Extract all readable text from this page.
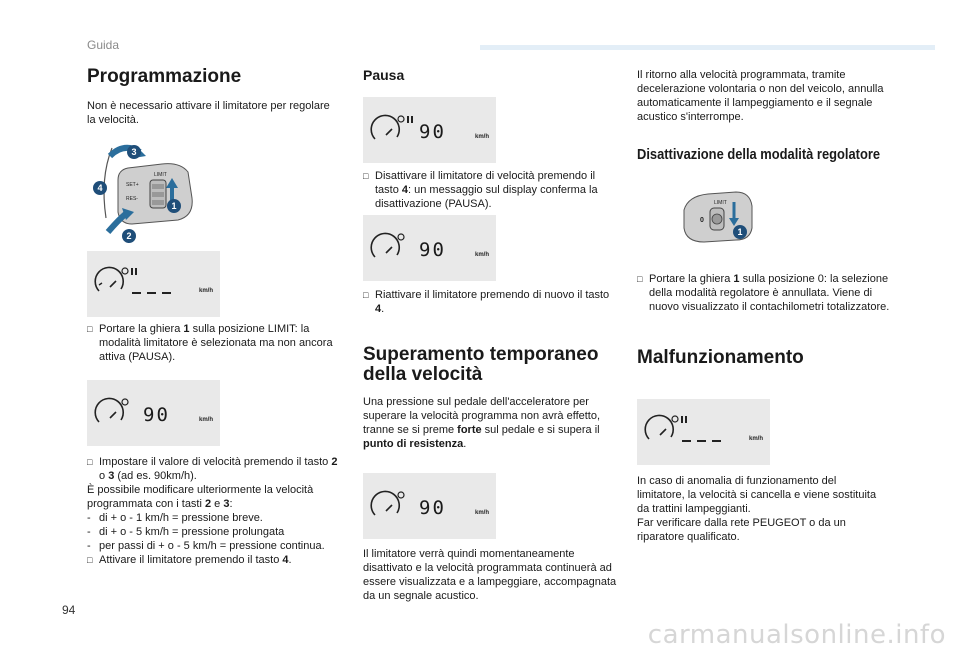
Guida
Programmazione

Non è necessario attivare il limitatore per regolare la velocità.

SET+
RES-
LIMIT
3
4
2
1
km/h
□ Portare la ghiera 1 sulla posizione LIMIT: la modalità limitatore è selezionata ma non ancora attiva (PAUSA).
90	km/h
□ Impostare il valore di velocità premendo il tasto 2 o 3 (ad es. 90km/h).

È possibile modificare ulteriormente la velocità programmata con i tasti 2 e 3:

- di + o - 1 km/h = pressione breve.
- di + o - 5 km/h = pressione prolungata
- per passi di + o - 5 km/h = pressione continua.
□ Attivare il limitatore premendo il tasto 4.
Pausa
90	km/h
□ Disattivare il limitatore di velocità premendo il tasto 4: un messaggio sul display conferma la disattivazione (PAUSA).
90	km/h
□ Riattivare il limitatore premendo di nuovo il tasto 4.
Superamento temporaneo
della velocità

Una pressione sul pedale dell'acceleratore per superare la velocità programma non avrà effetto, tranne se si preme forte sul pedale e si supera il punto di resistenza.

90	km/h
Il limitatore verrà quindi momentaneamente disattivato e la velocità programmata continuerà ad essere visualizzata e a lampeggiare, accompagnata da un segnale acustico.
Il ritorno alla velocità programmata, tramite decelerazione volontaria o non del veicolo, annulla automaticamente il lampeggiamento e il segnale acustico s'interrompe.
Disattivazione della modalità regolatore
LIMIT
0
1
□ Portare la ghiera 1 sulla posizione 0: la selezione della modalità regolatore è annullata. Viene di nuovo visualizzato il contachilometri totalizzatore.
Malfunzionamento
km/h

In caso di anomalia di funzionamento del limitatore, la velocità si cancella e viene sostituita da trattini lampeggianti.

Far verificare dalla rete PEUGEOT o da un riparatore qualificato.

94
carmanualsonline.info
